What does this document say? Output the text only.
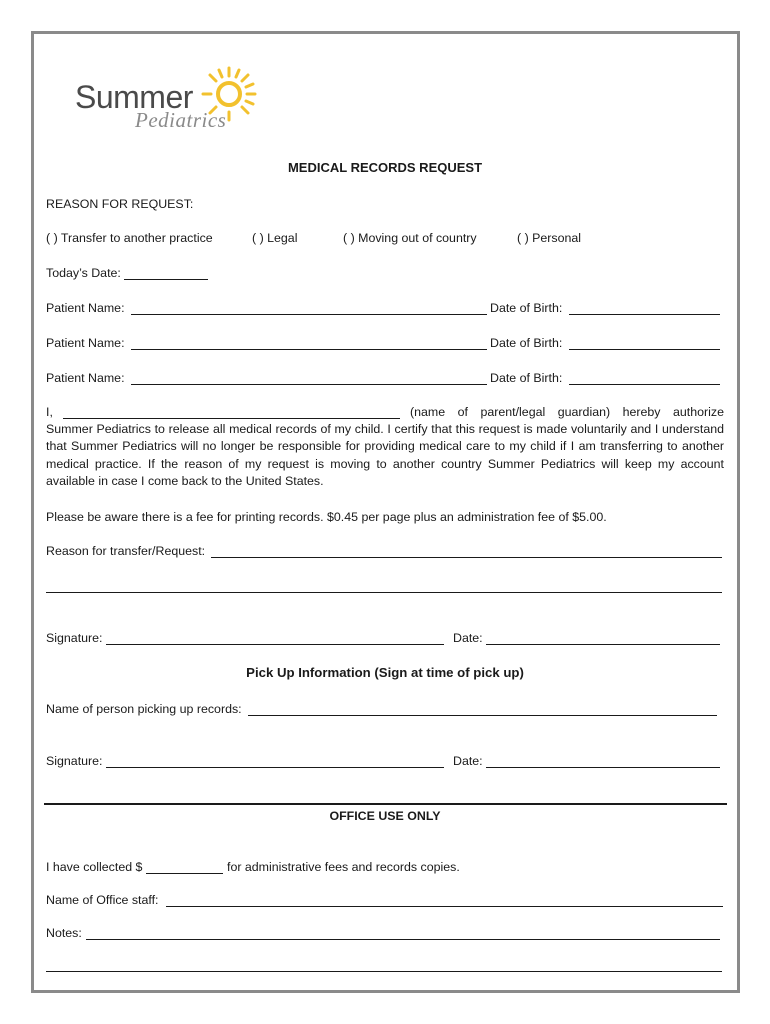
Summer
Pediatrics
MEDICAL RECORDS REQUEST
REASON FOR REQUEST:
( ) Transfer to another practice	( ) Legal	( ) Moving out of country	( ) Personal
Today’s Date:
Patient Name:	Date of Birth:
Patient Name:	Date of Birth:
Patient Name:	Date of Birth:
I,	(name of parent/legal guardian) hereby authorize
Summer Pediatrics to release all medical records of my child. I certify that this request is made voluntarily and I understand that Summer Pediatrics will no longer be responsible for providing medical care to my child if I am transferring to another medical practice. If the reason of my request is moving to another country Summer Pediatrics will keep my account available in case I come back to the United States.
Please be aware there is a fee for printing records. $0.45 per page plus an administration fee of $5.00.
Reason for transfer/Request:
Signature:	Date:
Pick Up Information (Sign at time of pick up)
Name of person picking up records:
Signature:	Date:
OFFICE USE ONLY
I have collected $	for administrative fees and records copies.
Name of Office staff:
Notes:
